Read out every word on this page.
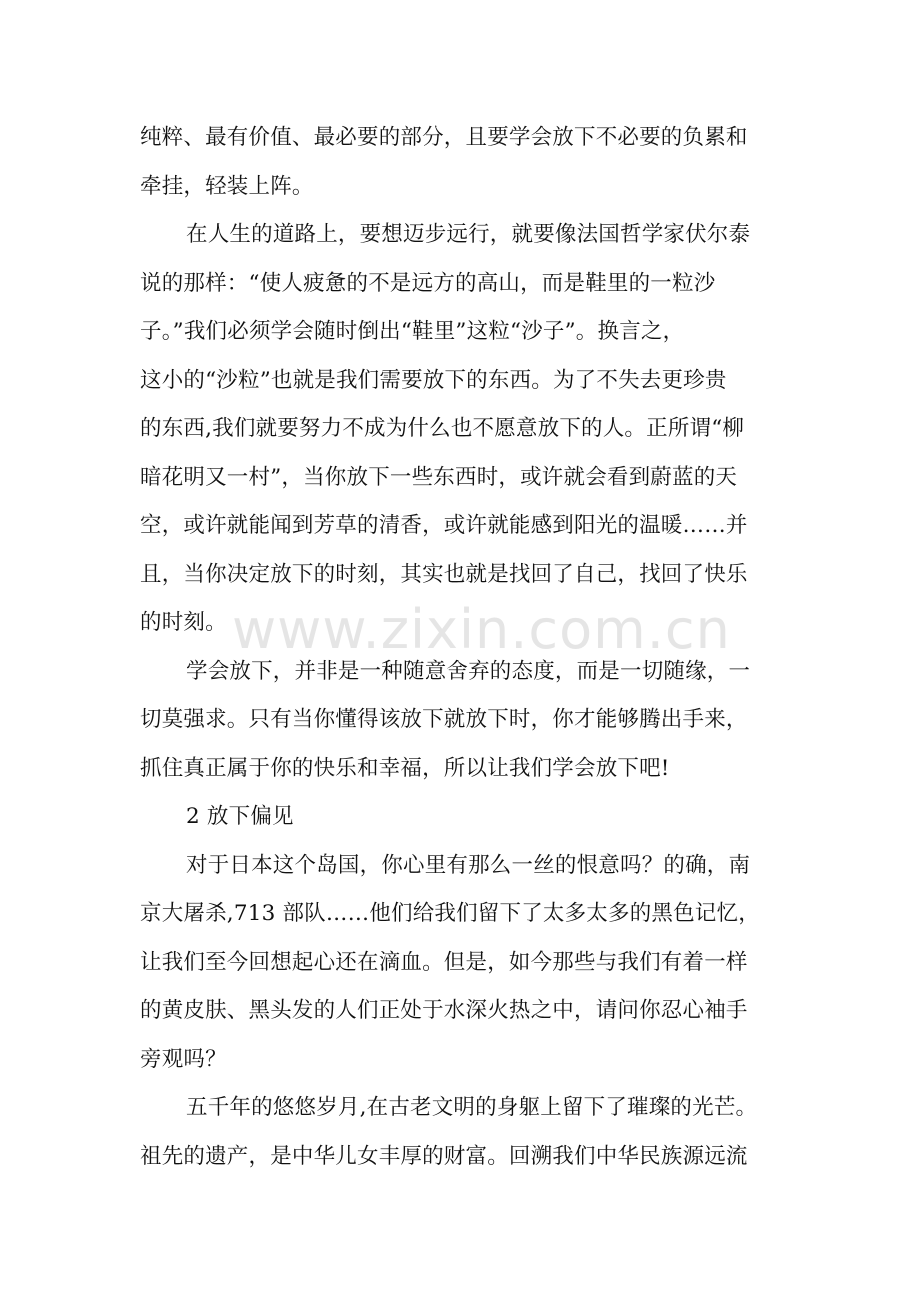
纯粹、最有价值、最必要的部分，且要学会放下不必要的负累和
牵挂，轻装上阵。
在人生的道路上，要想迈步远行，就要像法国哲学家伏尔泰
说的那样：“使人疲惫的不是远方的高山，而是鞋里的一粒沙
子。”我们必须学会随时倒出“鞋里”这粒“沙子”。换言之，
这小的“沙粒”也就是我们需要放下的东西。为了不失去更珍贵
的东西,我们就要努力不成为什么也不愿意放下的人。正所谓“柳
暗花明又一村”，当你放下一些东西时，或许就会看到蔚蓝的天
空，或许就能闻到芳草的清香，或许就能感到阳光的温暖……并
且，当你决定放下的时刻，其实也就是找回了自己，找回了快乐
的时刻。
学会放下，并非是一种随意舍弃的态度，而是一切随缘，一
切莫强求。只有当你懂得该放下就放下时，你才能够腾出手来，
抓住真正属于你的快乐和幸福，所以让我们学会放下吧!
2 放下偏见
对于日本这个岛国，你心里有那么一丝的恨意吗？的确，南
京大屠杀,713 部队……他们给我们留下了太多太多的黑色记忆，
让我们至今回想起心还在滴血。但是，如今那些与我们有着一样
的黄皮肤、黑头发的人们正处于水深火热之中，请问你忍心袖手
旁观吗？
五千年的悠悠岁月,在古老文明的身躯上留下了璀璨的光芒。
祖先的遗产，是中华儿女丰厚的财富。回溯我们中华民族源远流
www.zixin.com.cn
